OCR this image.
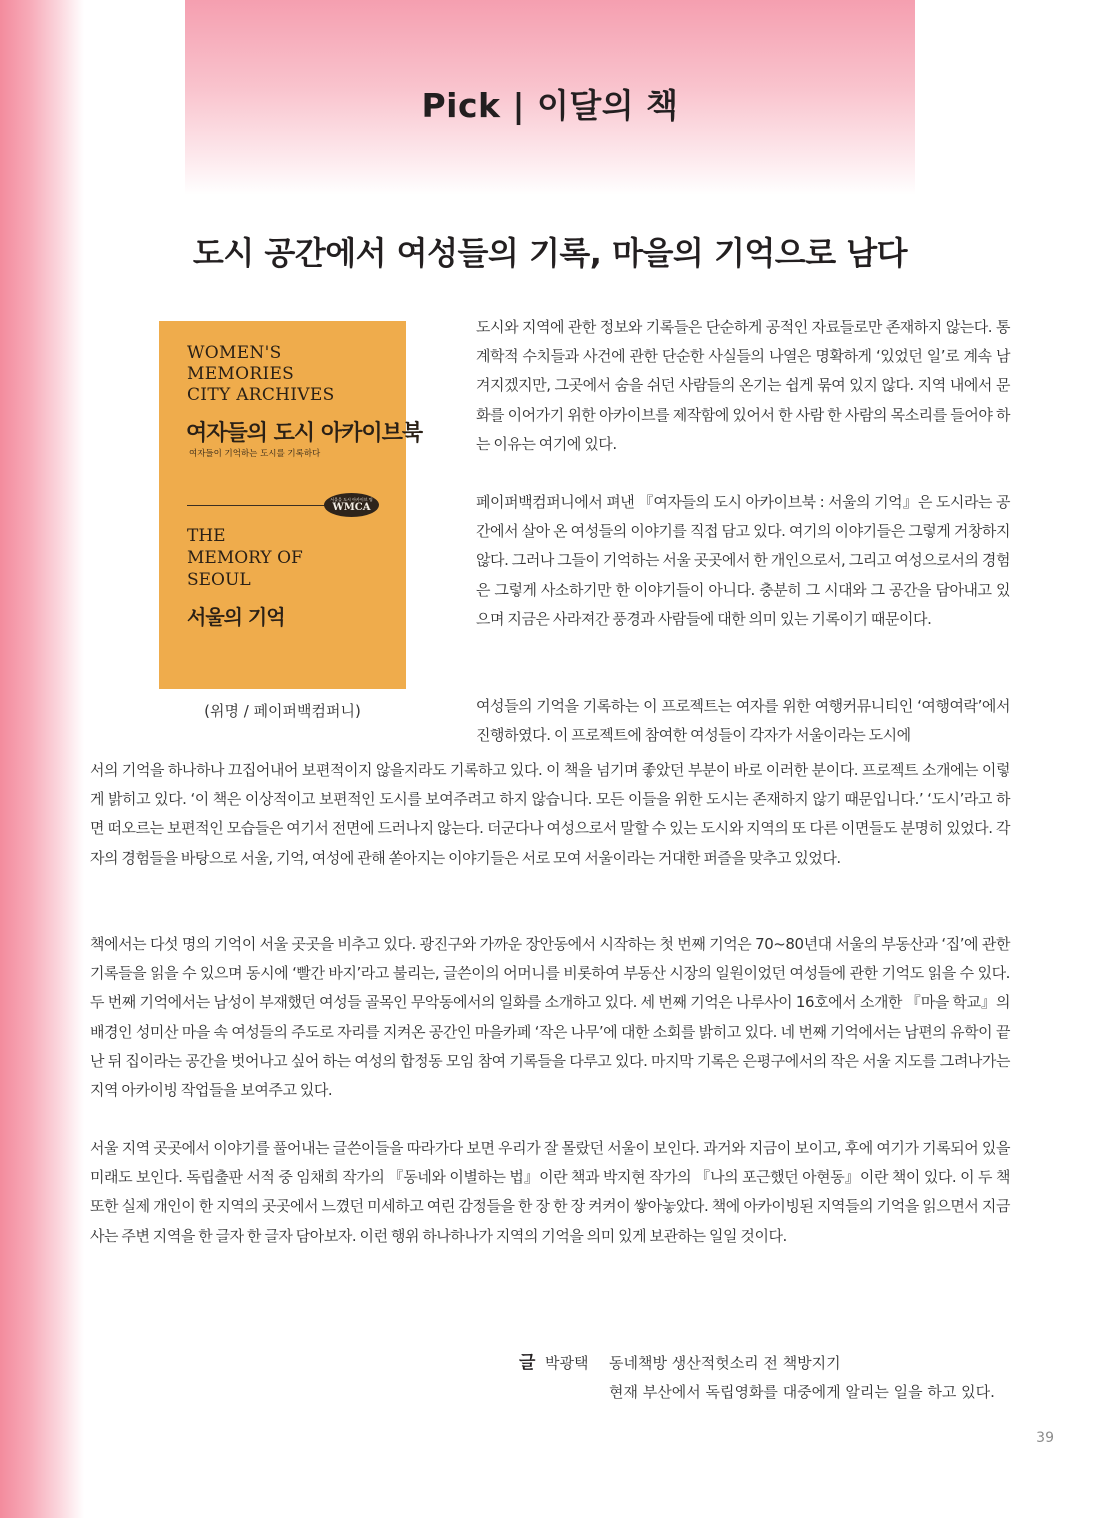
Pick | 이달의 책
도시 공간에서 여성들의 기록, 마을의 기억으로 남다
WOMEN'S
MEMORIES
CITY ARCHIVES
여자들의 도시 아카이브북
여자들이 기억하는 도시를 기록하다
서울을 도시 아카이브 팀
WMCA
THE
MEMORY OF
SEOUL
서울의 기억
(위명 / 페이퍼백컴퍼니)

도시와 지역에 관한 정보와 기록들은 단순하게 공적인 자료들로만 존재하지 않는다. 통계학적 수치들과 사건에 관한 단순한 사실들의 나열은 명확하게 ‘있었던 일’로 계속 남겨지겠지만, 그곳에서 숨을 쉬던 사람들의 온기는 쉽게 묶여 있지 않다. 지역 내에서 문화를 이어가기 위한 아카이브를 제작함에 있어서 한 사람 한 사람의 목소리를 들어야 하는 이유는 여기에 있다.

페이퍼백컴퍼니에서 펴낸 『여자들의 도시 아카이브북 : 서울의 기억』은 도시라는 공간에서 살아 온 여성들의 이야기를 직접 담고 있다. 여기의 이야기들은 그렇게 거창하지 않다. 그러나 그들이 기억하는 서울 곳곳에서 한 개인으로서, 그리고 여성으로서의 경험은 그렇게 사소하기만 한 이야기들이 아니다. 충분히 그 시대와 그 공간을 담아내고 있으며 지금은 사라져간 풍경과 사람들에 대한 의미 있는 기록이기 때문이다.

여성들의 기억을 기록하는 이 프로젝트는 여자를 위한 여행커뮤니티인 ‘여행여락’에서 진행하였다. 이 프로젝트에 참여한 여성들이 각자가 서울이라는 도시에

서의 기억을 하나하나 끄집어내어 보편적이지 않을지라도 기록하고 있다. 이 책을 넘기며 좋았던 부분이 바로 이러한 분이다. 프로젝트 소개에는 이렇게 밝히고 있다. ‘이 책은 이상적이고 보편적인 도시를 보여주려고 하지 않습니다. 모든 이들을 위한 도시는 존재하지 않기 때문입니다.’ ‘도시’라고 하면 떠오르는 보편적인 모습들은 여기서 전면에 드러나지 않는다. 더군다나 여성으로서 말할 수 있는 도시와 지역의 또 다른 이면들도 분명히 있었다. 각자의 경험들을 바탕으로 서울, 기억, 여성에 관해 쏟아지는 이야기들은 서로 모여 서울이라는 거대한 퍼즐을 맞추고 있었다.

책에서는 다섯 명의 기억이 서울 곳곳을 비추고 있다. 광진구와 가까운 장안동에서 시작하는 첫 번째 기억은 70~80년대 서울의 부동산과 ‘집’에 관한 기록들을 읽을 수 있으며 동시에 ‘빨간 바지’라고 불리는, 글쓴이의 어머니를 비롯하여 부동산 시장의 일원이었던 여성들에 관한 기억도 읽을 수 있다. 두 번째 기억에서는 남성이 부재했던 여성들 골목인 무악동에서의 일화를 소개하고 있다. 세 번째 기억은 나루사이 16호에서 소개한 『마을 학교』의 배경인 성미산 마을 속 여성들의 주도로 자리를 지켜온 공간인 마을카페 ‘작은 나무’에 대한 소회를 밝히고 있다. 네 번째 기억에서는 남편의 유학이 끝난 뒤 집이라는 공간을 벗어나고 싶어 하는 여성의 합정동 모임 참여 기록들을 다루고 있다. 마지막 기록은 은평구에서의 작은 서울 지도를 그려나가는 지역 아카이빙 작업들을 보여주고 있다.

서울 지역 곳곳에서 이야기를 풀어내는 글쓴이들을 따라가다 보면 우리가 잘 몰랐던 서울이 보인다. 과거와 지금이 보이고, 후에 여기가 기록되어 있을 미래도 보인다. 독립출판 서적 중 임채희 작가의 『동네와 이별하는 법』이란 책과 박지현 작가의 『나의 포근했던 아현동』이란 책이 있다. 이 두 책 또한 실제 개인이 한 지역의 곳곳에서 느꼈던 미세하고 여린 감정들을 한 장 한 장 켜켜이 쌓아놓았다. 책에 아카이빙된 지역들의 기억을 읽으면서 지금 사는 주변 지역을 한 글자 한 글자 담아보자. 이런 행위 하나하나가 지역의 기억을 의미 있게 보관하는 일일 것이다.

글 박광택	동네책방 생산적헛소리 전 책방지기
현재 부산에서 독립영화를 대중에게 알리는 일을 하고 있다.
39
